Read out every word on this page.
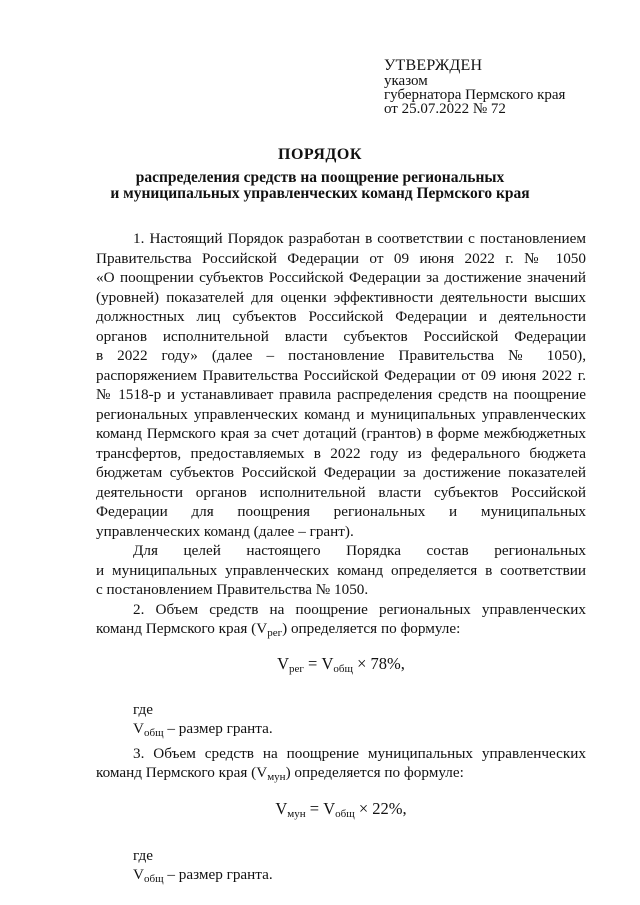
УТВЕРЖДЕН
указом
губернатора Пермского края
от 25.07.2022 № 72
ПОРЯДОК
распределения средств на поощрение региональных
и муниципальных управленческих команд Пермского края
1. Настоящий Порядок разработан в соответствии с постановлением
Правительства Российской Федерации от 09 июня 2022 г. № 1050
«О поощрении субъектов Российской Федерации за достижение значений
(уровней) показателей для оценки эффективности деятельности высших
должностных лиц субъектов Российской Федерации и деятельности
органов исполнительной власти субъектов Российской Федерации
в 2022 году» (далее – постановление Правительства № 1050),
распоряжением Правительства Российской Федерации от 09 июня 2022 г.
№ 1518-р и устанавливает правила распределения средств на поощрение
региональных управленческих команд и муниципальных управленческих
команд Пермского края за счет дотаций (грантов) в форме межбюджетных
трансфертов, предоставляемых в 2022 году из федерального бюджета
бюджетам субъектов Российской Федерации за достижение показателей
деятельности органов исполнительной власти субъектов Российской
Федерации для поощрения региональных и муниципальных
управленческих команд (далее – грант).
Для целей настоящего Порядка состав региональных
и муниципальных управленческих команд определяется в соответствии
с постановлением Правительства № 1050.
2. Объем средств на поощрение региональных управленческих
команд Пермского края (Vрег) определяется по формуле:
$V_{рег} = V_{общ} \times 78\%$,
где
Vобщ – размер гранта.
3. Объем средств на поощрение муниципальных управленческих
команд Пермского края (Vмун) определяется по формуле:
$V_{мун} = V_{общ} \times 22\%$,
где
Vобщ – размер гранта.
